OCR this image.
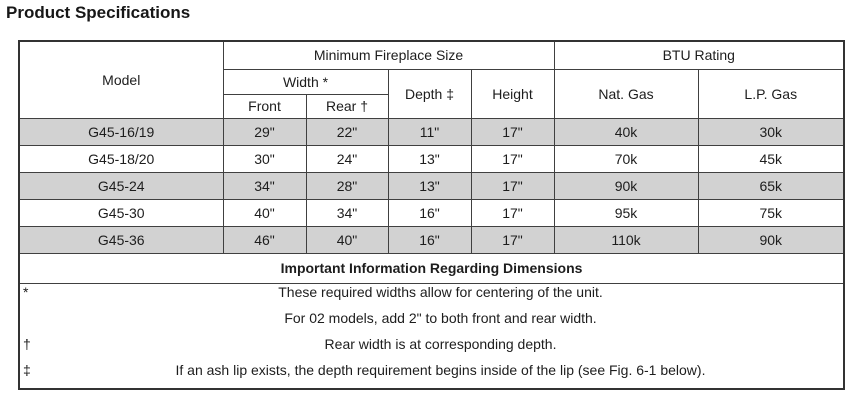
Product Specifications
Model	Minimum Fireplace Size				BTU Rating	
	Width *		Depth ‡	Height	Nat. Gas	L.P. Gas
	Front	Rear †				
G45-16/19	29"	22"	11"	17"	40k	30k
G45-18/20	30"	24"	13"	17"	70k	45k
G45-24	34"	28"	13"	17"	90k	65k
G45-30	40"	34"	16"	17"	95k	75k
G45-36	46"	40"	16"	17"	110k	90k
Important Information Regarding Dimensions						

*	These required widths allow for centering of the unit.
For 02 models, add 2" to both front and rear width.
†	Rear width is at corresponding depth.
‡	If an ash lip exists, the depth requirement begins inside of the lip (see Fig. 6-1 below).
